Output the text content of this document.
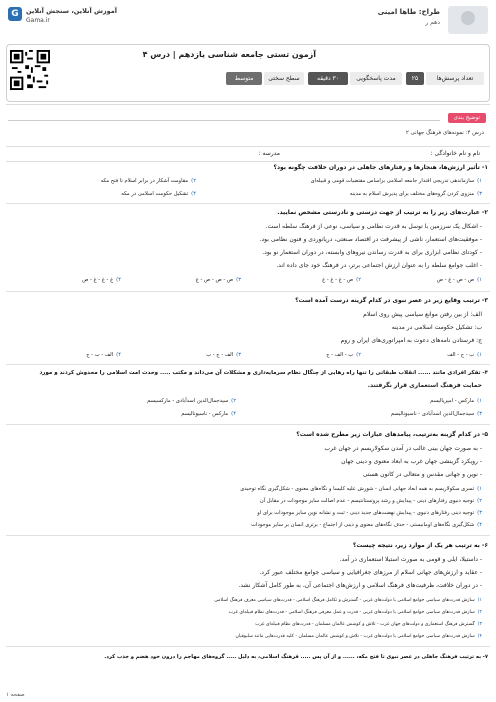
طراح: طاها امینی
دهم ر
G	آموزش آنلاین، سنجش آنلاین
Gama.ir
آزمون تستی جامعه شناسی یازدهم | درس ۴
تعداد پرسش‌ها
۲۵
مدت پاسخگویی
۳۰ دقیقه
سطح سختی
متوسط
توضیح بندی
درس ۴: نمونه‌های فرهنگ جهانی ۲
نام و نام خانوادگی :
مدرسه :
۱- تأثیر ارزش‌ها، هنجارها و رفتارهای جاهلی در دوران خلافت چگونه بود؟
۱)سازماندهی تدریجی اقتدار جامعه اسلامی براساس مقتضیات قومی و قبیله‌ای
۲)مقاومت آشکار در برابر اسلام تا فتح مکه
۳)منزوی کردن گروه‌های مختلف برای پذیرش اسلام به مدینه
۴)تشکیل حکومت اسلامی در مکه
۲- عبارت‌های زیر را به ترتیب از جهت درستی و نادرستی مشخص نمایید.
- اشکال یک سرزمین با توسل به قدرت نظامی و سیاسی، نوعی از فرهنگ سلطه است.
- موفقیت‌های استعمار، ناشی از پیشرفت در اقتصاد صنعتی، دریانوردی و فنون نظامی بود.
- کودتای نظامی ابزاری برای به قدرت رساندن نیروهای وابسته، در دوران استعمار نو بود.
- اغلب جوامع سلطه را به عنوان ارزش اجتماعی برتر، در فرهنگ خود جای داده اند.
۱)ص - ص - غ - ص
۲)ص - غ - غ - غ
۳)ص - ص - ص - غ
۴)غ - غ - غ - ص
۳- ترتیب وقایع زیر در عصر نبوی در کدام گزینه درست آمده است؟
الف: از بین رفتن موانع سیاسی پیش روی اسلام
ب: تشکیل حکومت اسلامی در مدینه
ج: فرستادن نامه‌های دعوت به امپراتوری‌های ایران و روم
۱)ب - ج - الف
۲)ب - الف - ج
۳)الف - ج - ب
۴)الف - ب - ج
۴- تفکر افرادی مانند ...... انقلاب طبقاتی را تنها راه رهایی از چنگال نظام سرمایه‌داری و مشکلات آن می‌داند و مکتب ..... وحدت امت اسلامی را محدوش کردند و مورد
حمایت فرهنگ استعماری قرار نگرفتند.
۱)مارکس - امپریالیسم
۲)سیدجمال‌الدین اسدآبادی - مارکسیسم
۳)سیدجمال‌الدین اسدآبادی - ناسیونالیسم
۴)مارکس - ناسیونالیسم
۵- در کدام گزینه به‌ترتیب، پیامدهای عبارات زیر مطرح شده است؟
- به صورت جهان بینی غالب در آمدن سکولاریسم در جهان غرب
- رویکرد گزینشی جهان غرب به ابعاد معنوی و دینی جهان
- نوین و جهانی مقدس و متعالی در کانون هستی
۱)تسری سکولاریسم به همه ابعاد جهانی انسان - شورش علیه کلیسا و نگاه‌های معنوی - شکل‌گیری نگاه توحیدی
۲)توجیه دنیوی رفتارهای دینی - پیدایش و رشد پروتستانتیسم - عدم اصالت سایر موجودات در مقابل آن
۳)توجیه دینی رفتارهای دنیوی - پیدایش نهضت‌های جدید دینی - ثبت و نشانه نوین سایر موجودات برای او
۴)شکل‌گیری نگاه‌های اومانیستی - حذف نگاه‌های معنوی و دینی از اجتماع - برتری انسان بر سایر موجودات
۶- به ترتیب هر یک از موارد زیر، نتیجه چیست؟
- داستیلا، ایلی و قومی به صورت استیلا استعماری در آمد.
- عقاید و ارزش‌های جهانی اسلام از مرزهای جغرافیایی و سیاسی جوامع مختلف عبور کرد.
- در دوران خلافت، ظرفیت‌های فرهنگ اسلامی و ارزش‌های اجتماعی آن، به طور کامل آشکار نشد.
۱)سازش قدرت‌های سیاسی جوامع اسلامی با دولت‌های غربی - گسترش و تکامل فرهنگ اسلامی - قدرت‌های سیاسی معرف فرهنگ اسلامی
۲)سازش قدرت‌های سیاسی جوامع اسلامی با دولت‌های غربی - قدرت و عمل معرفی فرهنگ اسلامی - قدرت‌های نظام قبیله‌ای غرب
۳)گسترش فرهنگ استعماری و دولت‌های جهان غرب - تلاش و کوشش عالمان مسلمان - قدرت‌های نظام قبیله‌ای غرب
۴)سازش قدرت‌های سیاسی جوامع اسلامی با دولت‌های غرب - تلاش و کوشش عالمان مسلمان - کلیه قدرت‌هایی مانند سلبوقیان
۷- به ترتیب فرهنگ جاهلی در عصر نبوی تا فتح مکه، ...... و از آن پس ..... فرهنگ اسلامی، به دلیل ..... گروه‌های مهاجم را درون خود هضم و جذب کرد.
صفحه ۱
